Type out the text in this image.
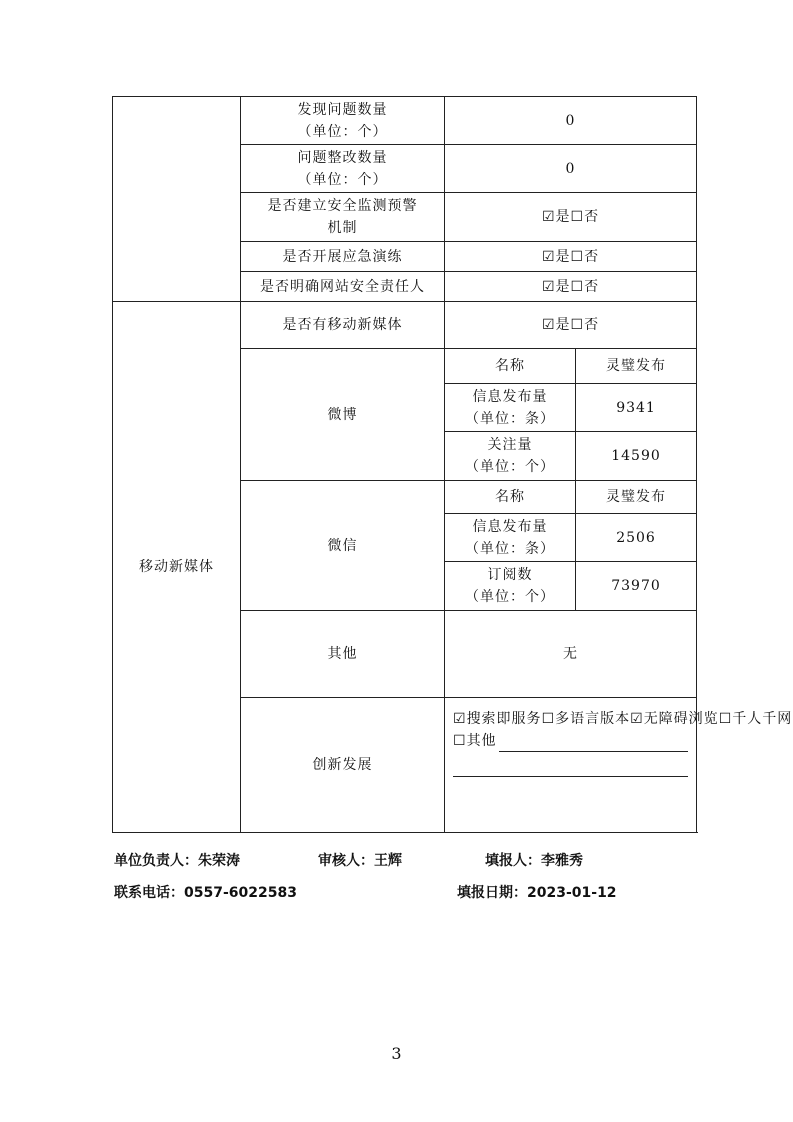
	发现问题数量
（单位：个）	0	

	问题整改数量
（单位：个）	0	

	是否建立安全监测预警
机制	☑是☐否	
	是否开展应急演练	☑是☐否	
	是否明确网站安全责任人	☑是☐否	
移动新媒体	是否有移动新媒体	☑是☐否	
	微博	名称	灵璧发布

		信息发布量
（单位：条）	9341

		关注量
（单位：个）	14590
	微信	名称	灵璧发布

		信息发布量
（单位：条）	2506

		订阅数
（单位：个）	73970
	其他	无	
	创新发展	☑搜索即服务☐多语言版本☑无障碍浏览☐千人千网
☐ 其他	
单位负责人：朱荣涛	审核人：王辉	填报人：李雅秀
联系电话：0557-6022583	填报日期：2023-01-12
3
